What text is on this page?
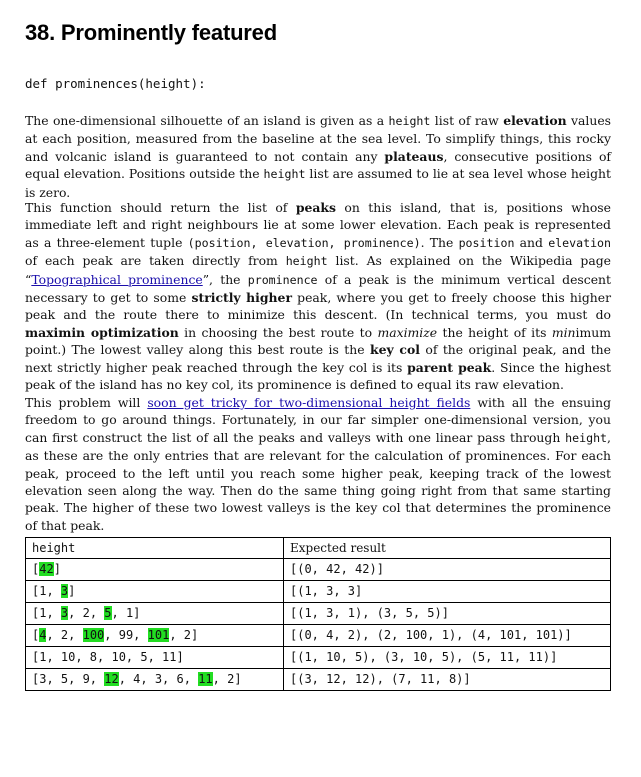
38. Prominently featured
def prominences(height):

The one-dimensional silhouette of an island is given as a height list of raw elevation values at each position, measured from the baseline at the sea level. To simplify things, this rocky and volcanic island is guaranteed to not contain any plateaus, consecutive positions of equal elevation. Positions outside the height list are assumed to lie at sea level whose height is zero.

This function should return the list of peaks on this island, that is, positions whose immediate left and right neighbours lie at some lower elevation. Each peak is represented as a three-element tuple (position, elevation, prominence). The position and elevation of each peak are taken directly from height list. As explained on the Wikipedia page “Topographical prominence”, the prominence of a peak is the minimum vertical descent necessary to get to some strictly higher peak, where you get to freely choose this higher peak and the route there to minimize this descent. (In technical terms, you must do maximin optimization in choosing the best route to maximize the height of its minimum point.) The lowest valley along this best route is the key col of the original peak, and the next strictly higher peak reached through the key col is its parent peak. Since the highest peak of the island has no key col, its prominence is defined to equal its raw elevation.

This problem will soon get tricky for two-dimensional height fields with all the ensuing freedom to go around things. Fortunately, in our far simpler one-dimensional version, you can first construct the list of all the peaks and valleys with one linear pass through height, as these are the only entries that are relevant for the calculation of prominences. For each peak, proceed to the left until you reach some higher peak, keeping track of the lowest elevation seen along the way. Then do the same thing going right from that same starting peak. The higher of these two lowest valleys is the key col that determines the prominence of that peak.

height	Expected result
[42]	[(0, 42, 42)]
[1, 3]	[(1, 3, 3]
[1, 3, 2, 5, 1]	[(1, 3, 1), (3, 5, 5)]
[4, 2, 100, 99, 101, 2]	[(0, 4, 2), (2, 100, 1), (4, 101, 101)]
[1, 10, 8, 10, 5, 11]	[(1, 10, 5), (3, 10, 5), (5, 11, 11)]
[3, 5, 9, 12, 4, 3, 6, 11, 2]	[(3, 12, 12), (7, 11, 8)]
